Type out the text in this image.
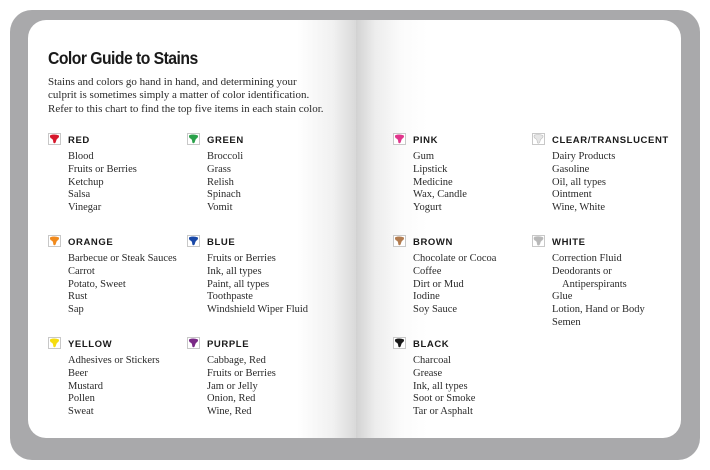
Color Guide to Stains

Stains and colors go hand in hand, and determining your culprit is sometimes simply a matter of color identification. Refer to this chart to find the top five items in each stain color.

RED
Blood
Fruits or Berries
Ketchup
Salsa
Vinegar
GREEN
Broccoli
Grass
Relish
Spinach
Vomit
ORANGE
Barbecue or Steak Sauces
Carrot
Potato, Sweet
Rust
Sap
BLUE
Fruits or Berries
Ink, all types
Paint, all types
Toothpaste
Windshield Wiper Fluid
YELLOW
Adhesives or Stickers
Beer
Mustard
Pollen
Sweat
PURPLE
Cabbage, Red
Fruits or Berries
Jam or Jelly
Onion, Red
Wine, Red
PINK
Gum
Lipstick
Medicine
Wax, Candle
Yogurt
CLEAR/TRANSLUCENT
Dairy Products
Gasoline
Oil, all types
Ointment
Wine, White
BROWN
Chocolate or Cocoa
Coffee
Dirt or Mud
Iodine
Soy Sauce
WHITE
Correction Fluid
Deodorants or
Antiperspirants
Glue
Lotion, Hand or Body
Semen
BLACK
Charcoal
Grease
Ink, all types
Soot or Smoke
Tar or Asphalt
